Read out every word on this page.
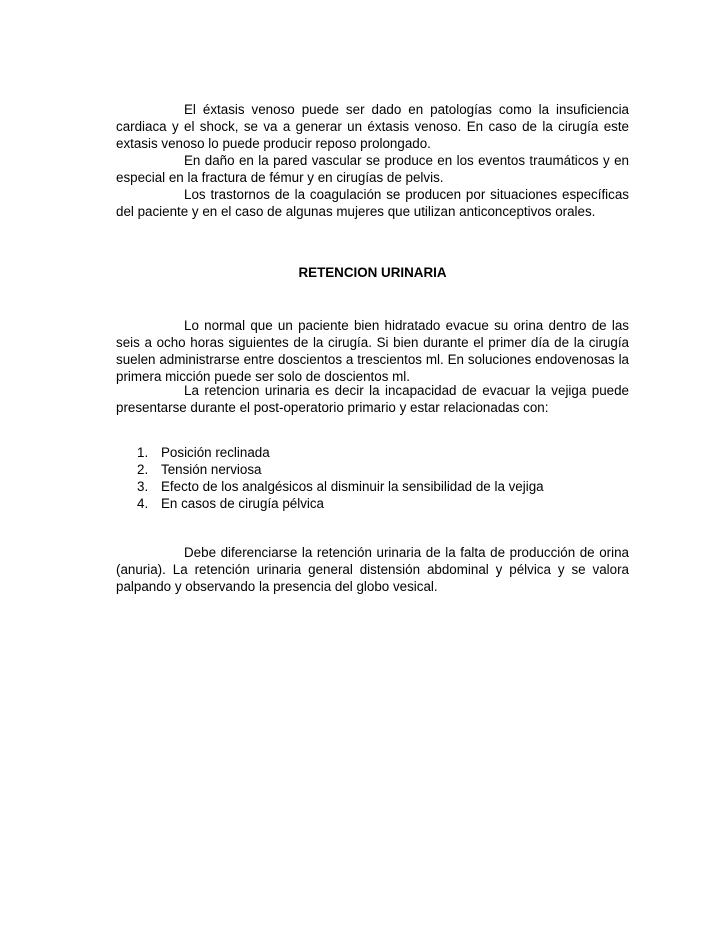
El éxtasis venoso puede ser dado en patologías como la insuficiencia cardiaca y el shock, se va a generar un éxtasis venoso. En caso de la cirugía este extasis venoso lo puede producir reposo prolongado.

En daño en la pared vascular se produce en los eventos traumáticos y en especial en la fractura de fémur y en cirugías de pelvis.

Los trastornos de la coagulación se producen por situaciones específicas del paciente y en el caso de algunas mujeres que utilizan anticonceptivos orales.

RETENCION URINARIA

Lo normal que un paciente bien hidratado evacue su orina dentro de las seis a ocho horas siguientes de la cirugía. Si bien durante el primer día de la cirugía suelen administrarse entre doscientos a trescientos ml. En soluciones endovenosas la primera micción puede ser solo de doscientos ml.

La retencion urinaria es decir la incapacidad de evacuar la vejiga puede presentarse durante el post-operatorio primario y estar relacionadas con:

1. Posición reclinada
2. Tensión nerviosa
3. Efecto de los analgésicos al disminuir la sensibilidad de la vejiga
4. En casos de cirugía pélvica

Debe diferenciarse la retención urinaria de la falta de producción de orina (anuria). La retención urinaria general distensión abdominal y pélvica y se valora palpando y observando la presencia del globo vesical.
